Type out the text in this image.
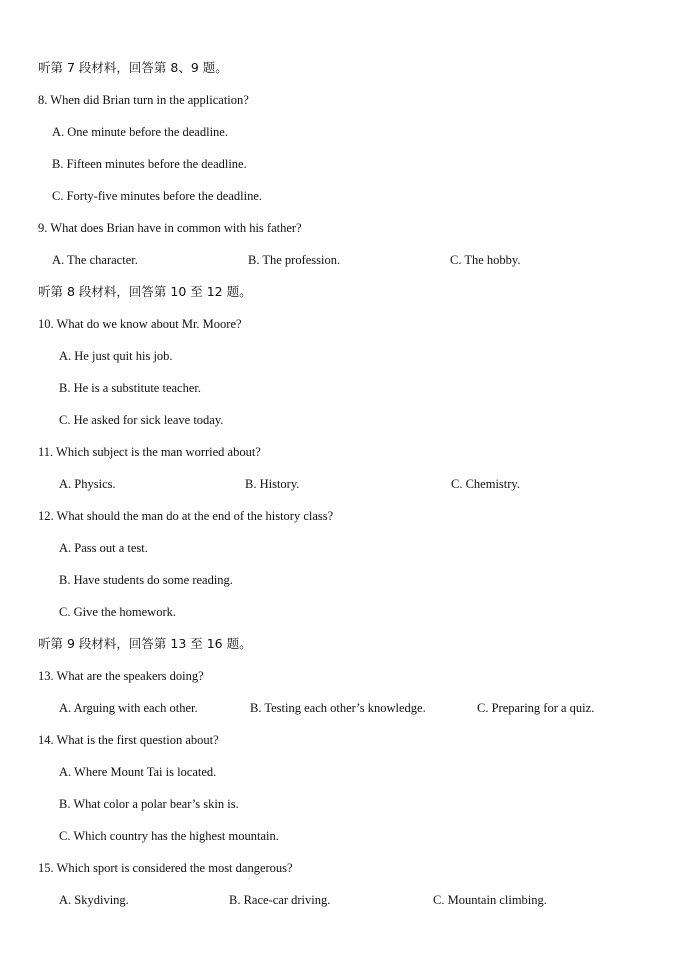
听第 7 段材料，回答第 8、9 题。
8. When did Brian turn in the application?
A. One minute before the deadline.
B. Fifteen minutes before the deadline.
C. Forty-five minutes before the deadline.
9. What does Brian have in common with his father?
A. The character.	B. The profession.	C. The hobby.
听第 8 段材料，回答第 10 至 12 题。
10. What do we know about Mr. Moore?
A. He just quit his job.
B. He is a substitute teacher.
C. He asked for sick leave today.
11. Which subject is the man worried about?
A. Physics.	B. History.	C. Chemistry.
12. What should the man do at the end of the history class?
A. Pass out a test.
B. Have students do some reading.
C. Give the homework.
听第 9 段材料，回答第 13 至 16 题。
13. What are the speakers doing?
A. Arguing with each other.	B. Testing each other’s knowledge.	C. Preparing for a quiz.
14. What is the first question about?
A. Where Mount Tai is located.
B. What color a polar bear’s skin is.
C. Which country has the highest mountain.
15. Which sport is considered the most dangerous?
A. Skydiving.	B. Race-car driving.	C. Mountain climbing.
